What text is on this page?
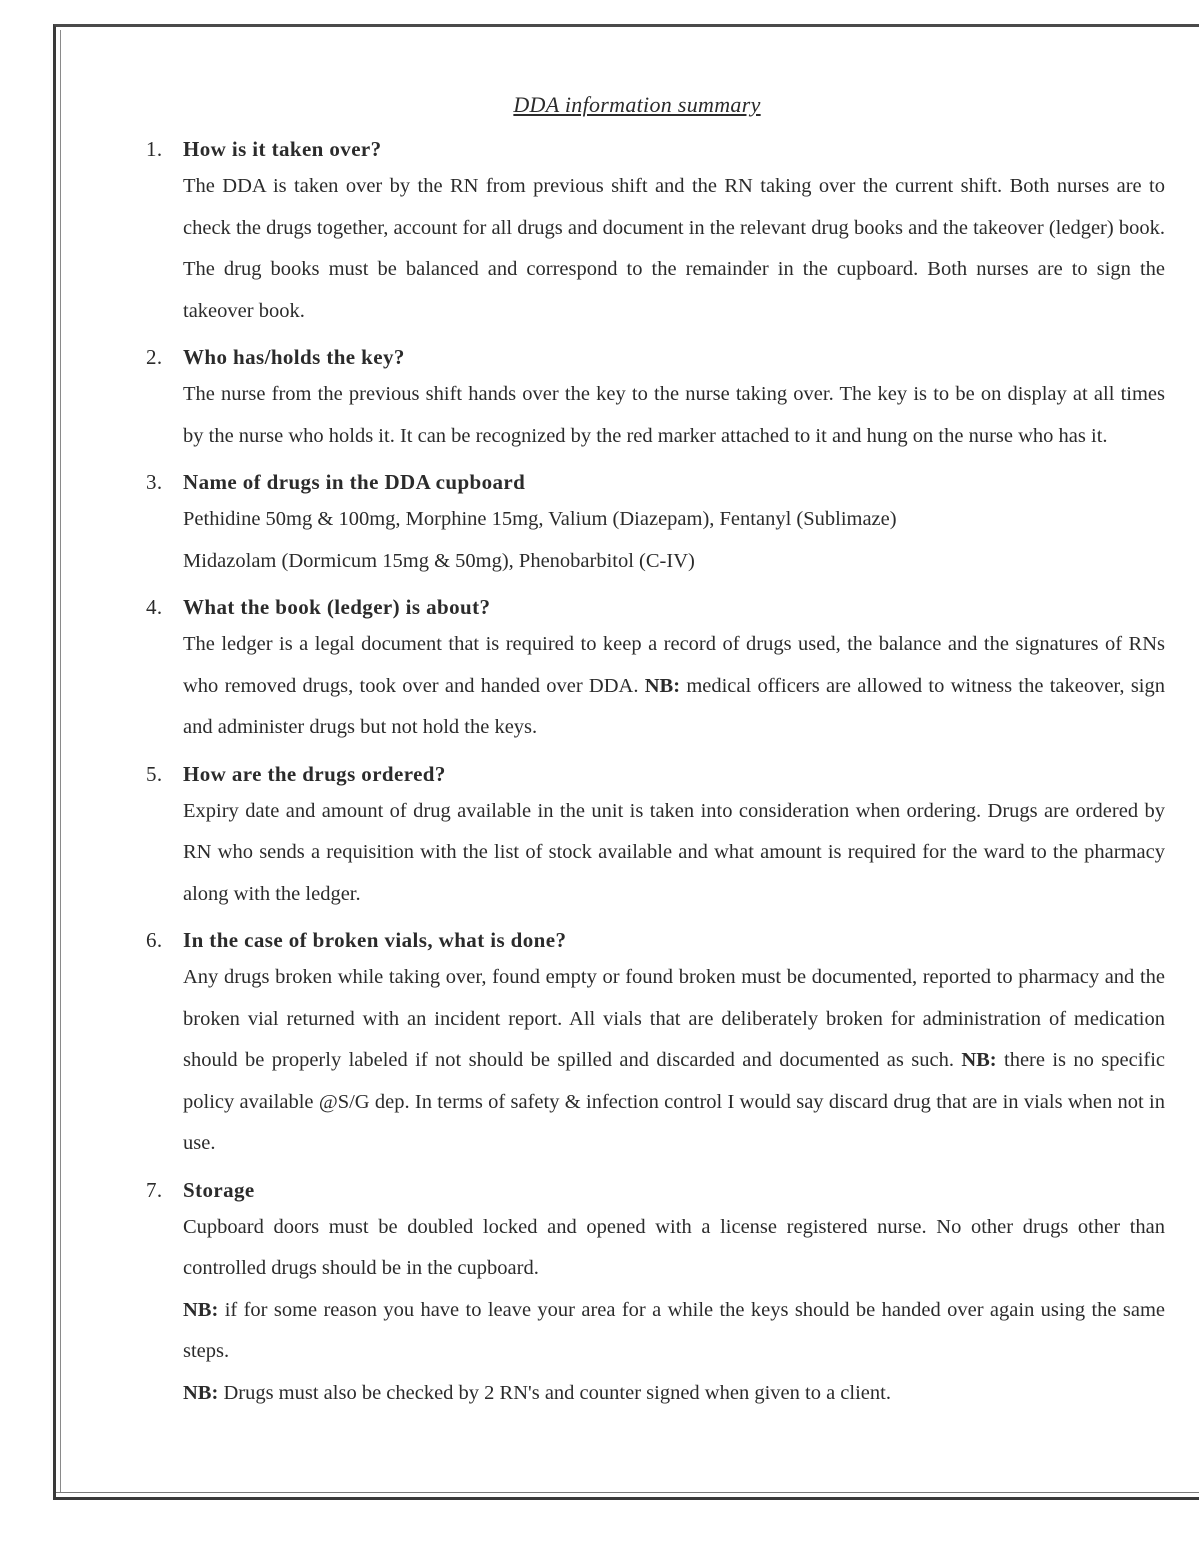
DDA information summary
1. How is it taken over?

The DDA is taken over by the RN from previous shift and the RN taking over the current shift. Both nurses are to check the drugs together, account for all drugs and document in the relevant drug books and the takeover (ledger) book. The drug books must be balanced and correspond to the remainder in the cupboard. Both nurses are to sign the takeover book.

2. Who has/holds the key?

The nurse from the previous shift hands over the key to the nurse taking over. The key is to be on display at all times by the nurse who holds it. It can be recognized by the red marker attached to it and hung on the nurse who has it.

3. Name of drugs in the DDA cupboard

Pethidine 50mg & 100mg, Morphine 15mg, Valium (Diazepam), Fentanyl (Sublimaze)

Midazolam (Dormicum 15mg & 50mg), Phenobarbitol (C-IV)

4. What the book (ledger) is about?

The ledger is a legal document that is required to keep a record of drugs used, the balance and the signatures of RNs who removed drugs, took over and handed over DDA. NB: medical officers are allowed to witness the takeover, sign and administer drugs but not hold the keys.

5. How are the drugs ordered?

Expiry date and amount of drug available in the unit is taken into consideration when ordering. Drugs are ordered by RN who sends a requisition with the list of stock available and what amount is required for the ward to the pharmacy along with the ledger.

6. In the case of broken vials, what is done?

Any drugs broken while taking over, found empty or found broken must be documented, reported to pharmacy and the broken vial returned with an incident report. All vials that are deliberately broken for administration of medication should be properly labeled if not should be spilled and discarded and documented as such. NB: there is no specific policy available @S/G dep. In terms of safety & infection control I would say discard drug that are in vials when not in use.

7. Storage

Cupboard doors must be doubled locked and opened with a license registered nurse. No other drugs other than controlled drugs should be in the cupboard.

NB: if for some reason you have to leave your area for a while the keys should be handed over again using the same steps.

NB: Drugs must also be checked by 2 RN's and counter signed when given to a client.
